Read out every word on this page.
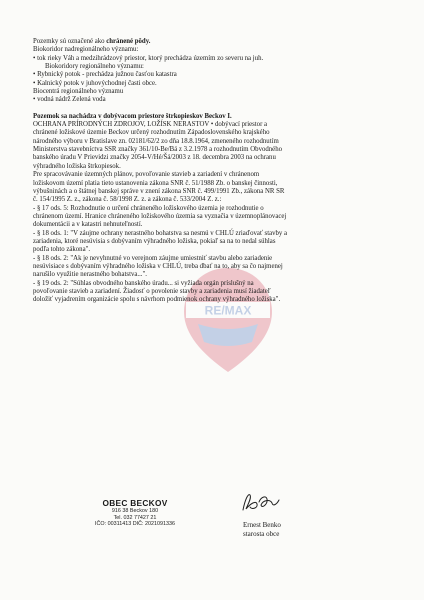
RE/MAX
Pozemky sú označené ako chránené pôdy.
Biokoridor nadregionálneho významu:
• tok rieky Váh a medzihrádzový priestor, ktorý prechádza územím zo severu na juh.
Biokoridory regionálneho významu:
• Rybnický potok - prechádza južnou časťou katastra
• Kalnický potok v juhovýchodnej časti obce.
Biocentrá regionálneho významu
• vodná nádrž Zelená voda
Pozemok sa nachádza v dobývacom priestore štrkopieskov Beckov I.
OCHRANA PRÍRODNÝCH ZDROJOV, LOŽÍSK NERASTOV • dobývací priestor a
chránené ložiskové územie Beckov určený rozhodnutím Západoslovenského krajského
národného výboru v Bratislave zn. 02181/62/2 zo dňa 18.8.1964, zmeneného rozhodnutím
Ministerstva stavebníctva SSR značky 361/10-Be/Bá z 3.2.1978 a rozhodnutím Obvodného
banského úradu V Prievidzi značky 2054-V/Hé/Šá/2003 z 18. decembra 2003 na ochranu
výhradného ložiska štrkopiesok.
Pre spracovávanie územných plánov, povoľovanie stavieb a zariadení v chránenom
ložiskovom území platia tieto ustanovenia zákona SNR č. 51/1988 Zb. o banskej činnosti,
výbušninách a o štátnej banskej správe v znení zákona SNR č. 499/1991 Zb., zákona NR SR
č. 154/1995 Z. z., zákona č. 58/1998 Z. z. a zákona č. 533/2004 Z. z.:
- § 17 ods. 5: Rozhodnutie o určení chráneného ložiskového územia je rozhodnutie o
chránenom území. Hranice chráneného ložiskového územia sa vyznačia v územnoplánovacej
dokumentácii a v katastri nehnuteľností.
- § 18 ods. 1: "V záujme ochrany nerastného bohatstva sa nesmú v CHLÚ zriaďovať stavby a
zariadenia, ktoré nesúvisia s dobývaním výhradného ložiska, pokiaľ sa na to nedal súhlas
podľa tohto zákona".
- § 18 ods. 2: "Ak je nevyhnutné vo verejnom záujme umiestniť stavbu alebo zariadenie
nesúvisiace s dobývaním výhradného ložiska v CHLÚ, treba dbať na to, aby sa čo najmenej
narušilo využitie nerastného bohatstva...".
- § 19 ods. 2: "Súhlas obvodného banského úradu... si vyžiada orgán príslušný na
povoľovanie stavieb a zariadení. Žiadosť o povolenie stavby a zariadenia musí žiadateľ
doložiť vyjadrením organizácie spolu s návrhom podmienok ochrany výhradného ložiska".
OBEC BECKOV
916 38 Beckov 180
Tel. 032 77427 21
IČO: 00311413 DIČ: 2021091336	Ernest Benko
starosta obce
